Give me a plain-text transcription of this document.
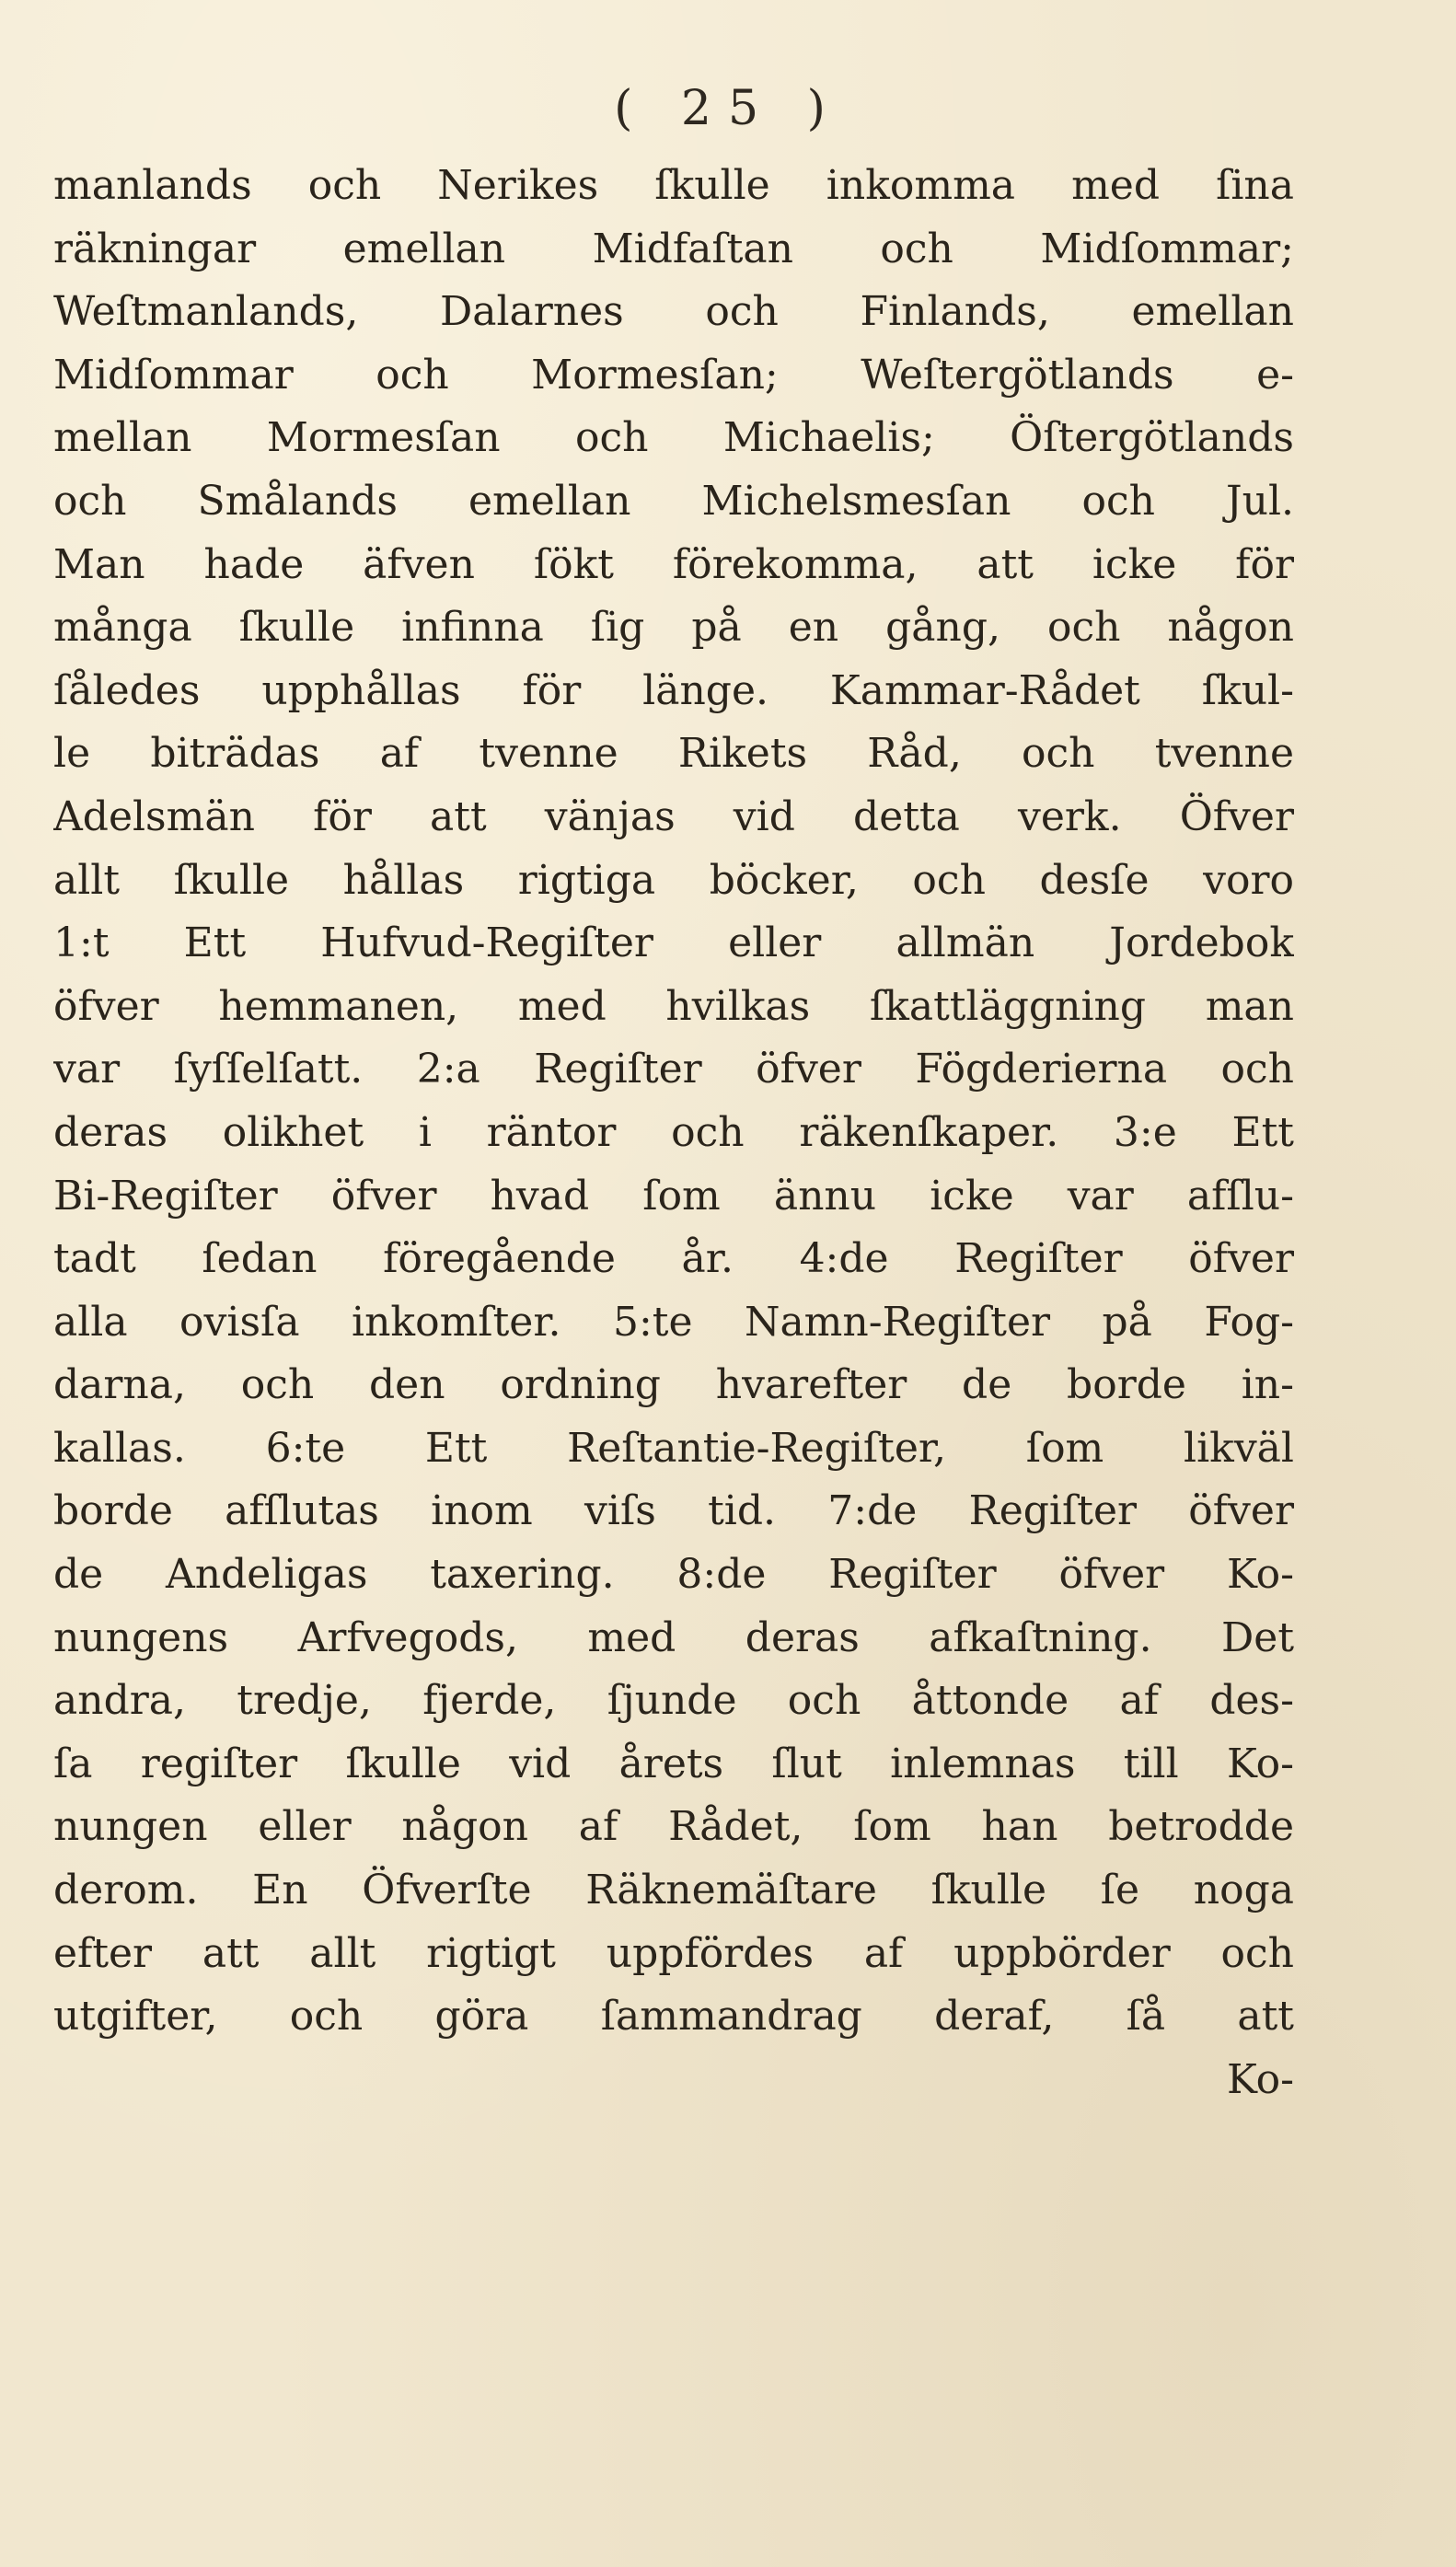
( 25 )
manlands och Nerikes ſkulle inkomma med ſina
räkningar emellan Midfaſtan och Midſommar;
Weſtmanlands, Dalarnes och Finlands, emellan
Midſommar och Mormesſan; Weſtergötlands e-
mellan Mormesſan och Michaelis; Öſtergötlands
och Smålands emellan Michelsmesſan och Jul.
Man hade äfven ſökt förekomma, att icke för
många ſkulle infinna ſig på en gång, och någon
ſåledes upphållas för länge. Kammar-Rådet ſkul-
le biträdas af tvenne Rikets Råd, och tvenne
Adelsmän för att vänjas vid detta verk. Öfver
allt ſkulle hållas rigtiga böcker, och desſe voro
1:t Ett Hufvud-Regiſter eller allmän Jordebok
öfver hemmanen, med hvilkas ſkattläggning man
var ſyſſelſatt. 2:a Regiſter öfver Fögderierna och
deras olikhet i räntor och räkenſkaper. 3:e Ett
Bi-Regiſter öfver hvad ſom ännu icke var afſlu-
tadt ſedan föregående år. 4:de Regiſter öfver
alla ovisſa inkomſter. 5:te Namn-Regiſter på Fog-
darna, och den ordning hvarefter de borde in-
kallas. 6:te Ett Reſtantie-Regiſter, ſom likväl
borde afſlutas inom viſs tid. 7:de Regiſter öfver
de Andeligas taxering. 8:de Regiſter öfver Ko-
nungens Arfvegods, med deras afkaſtning. Det
andra, tredje, fjerde, ſjunde och åttonde af des-
ſa regiſter ſkulle vid årets ſlut inlemnas till Ko-
nungen eller någon af Rådet, ſom han betrodde
derom. En Öfverſte Räknemäſtare ſkulle ſe noga
efter att allt rigtigt uppfördes af uppbörder och
utgifter, och göra ſammandrag deraf, ſå att
Ko-
